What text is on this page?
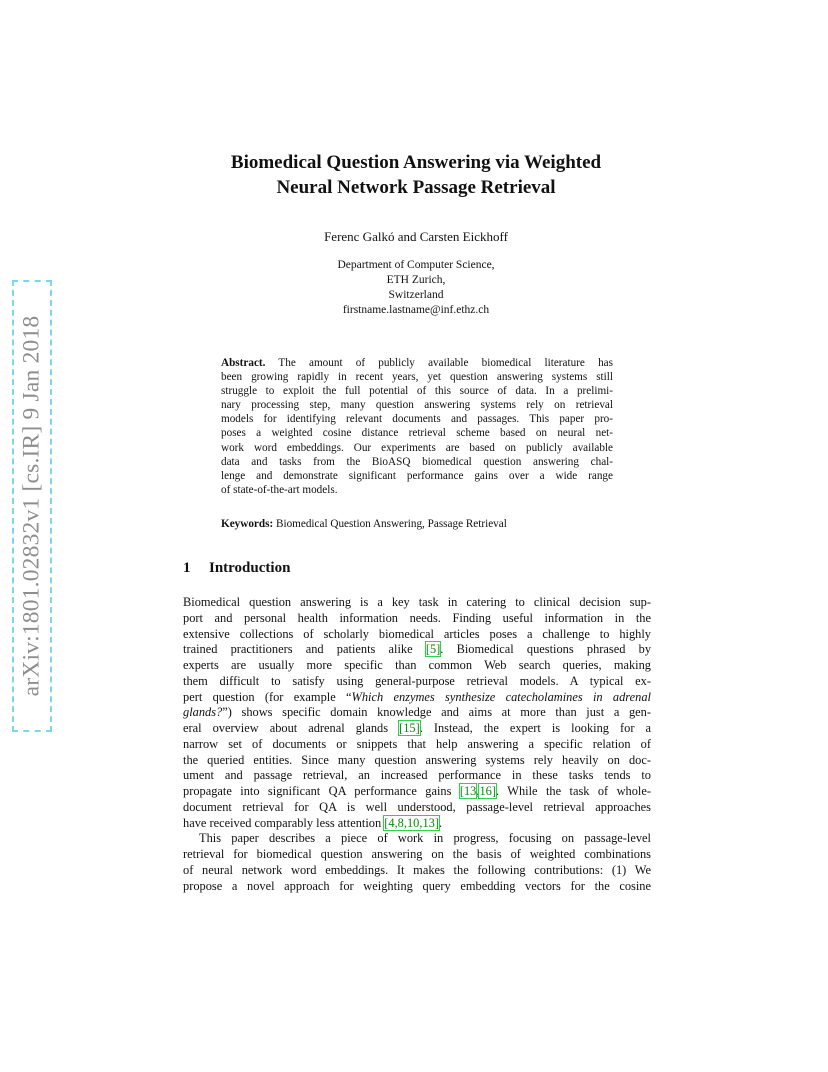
arXiv:1801.02832v1 [cs.IR] 9 Jan 2018
Biomedical Question Answering via Weighted
Neural Network Passage Retrieval
Ferenc Galkó and Carsten Eickhoff
Department of Computer Science,
ETH Zurich,
Switzerland
firstname.lastname@inf.ethz.ch
Abstract. The amount of publicly available biomedical literature has
been growing rapidly in recent years, yet question answering systems still
struggle to exploit the full potential of this source of data. In a prelimi-
nary processing step, many question answering systems rely on retrieval
models for identifying relevant documents and passages. This paper pro-
poses a weighted cosine distance retrieval scheme based on neural net-
work word embeddings. Our experiments are based on publicly available
data and tasks from the BioASQ biomedical question answering chal-
lenge and demonstrate significant performance gains over a wide range
of state-of-the-art models.
Keywords: Biomedical Question Answering, Passage Retrieval
1 Introduction
Biomedical question answering is a key task in catering to clinical decision sup-
port and personal health information needs. Finding useful information in the
extensive collections of scholarly biomedical articles poses a challenge to highly
trained practitioners and patients alike [5]. Biomedical questions phrased by
experts are usually more specific than common Web search queries, making
them difficult to satisfy using general-purpose retrieval models. A typical ex-
pert question (for example “Which enzymes synthesize catecholamines in adrenal
glands?”) shows specific domain knowledge and aims at more than just a gen-
eral overview about adrenal glands [15]. Instead, the expert is looking for a
narrow set of documents or snippets that help answering a specific relation of
the queried entities. Since many question answering systems rely heavily on doc-
ument and passage retrieval, an increased performance in these tasks tends to
propagate into significant QA performance gains [13,16]. While the task of whole-
document retrieval for QA is well understood, passage-level retrieval approaches
have received comparably less attention [4,8,10,13].
This paper describes a piece of work in progress, focusing on passage-level
retrieval for biomedical question answering on the basis of weighted combinations
of neural network word embeddings. It makes the following contributions: (1) We
propose a novel approach for weighting query embedding vectors for the cosine
